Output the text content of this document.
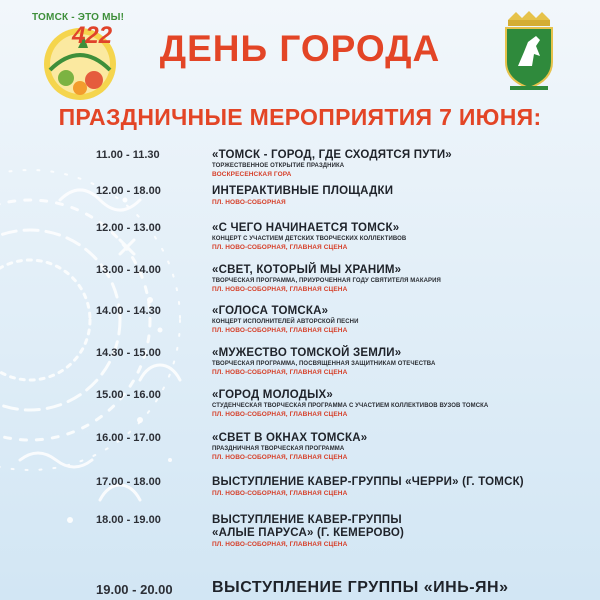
ТОМСК - ЭТО МЫ!
422	ДЕНЬ ГОРОДА
ПРАЗДНИЧНЫЕ МЕРОПРИЯТИЯ 7 ИЮНЯ:
11.00 - 11.30	«ТОМСК - ГОРОД, ГДЕ СХОДЯТСЯ ПУТИ»
ТОРЖЕСТВЕННОЕ ОТКРЫТИЕ ПРАЗДНИКА
ВОСКРЕСЕНСКАЯ ГОРА
12.00 - 18.00	ИНТЕРАКТИВНЫЕ ПЛОЩАДКИ
ПЛ. НОВО-СОБОРНАЯ
12.00 - 13.00	«С ЧЕГО НАЧИНАЕТСЯ ТОМСК»
КОНЦЕРТ С УЧАСТИЕМ ДЕТСКИХ ТВОРЧЕСКИХ КОЛЛЕКТИВОВ
ПЛ. НОВО-СОБОРНАЯ, ГЛАВНАЯ СЦЕНА
13.00 - 14.00	«СВЕТ, КОТОРЫЙ МЫ ХРАНИМ»
ТВОРЧЕСКАЯ ПРОГРАММА, ПРИУРОЧЕННАЯ ГОДУ СВЯТИТЕЛЯ МАКАРИЯ
ПЛ. НОВО-СОБОРНАЯ, ГЛАВНАЯ СЦЕНА
14.00 - 14.30	«ГОЛОСА ТОМСКА»
КОНЦЕРТ ИСПОЛНИТЕЛЕЙ АВТОРСКОЙ ПЕСНИ
ПЛ. НОВО-СОБОРНАЯ, ГЛАВНАЯ СЦЕНА
14.30 - 15.00	«МУЖЕСТВО ТОМСКОЙ ЗЕМЛИ»
ТВОРЧЕСКАЯ ПРОГРАММА, ПОСВЯЩЕННАЯ ЗАЩИТНИКАМ ОТЕЧЕСТВА
ПЛ. НОВО-СОБОРНАЯ, ГЛАВНАЯ СЦЕНА
15.00 - 16.00	«ГОРОД МОЛОДЫХ»
СТУДЕНЧЕСКАЯ ТВОРЧЕСКАЯ ПРОГРАММА С УЧАСТИЕМ КОЛЛЕКТИВОВ ВУЗОВ ТОМСКА
ПЛ. НОВО-СОБОРНАЯ, ГЛАВНАЯ СЦЕНА
16.00 - 17.00	«СВЕТ В ОКНАХ ТОМСКА»
ПРАЗДНИЧНАЯ ТВОРЧЕСКАЯ ПРОГРАММА
ПЛ. НОВО-СОБОРНАЯ, ГЛАВНАЯ СЦЕНА
17.00 - 18.00	ВЫСТУПЛЕНИЕ КАВЕР-ГРУППЫ «ЧЕРРИ» (Г. ТОМСК)
ПЛ. НОВО-СОБОРНАЯ, ГЛАВНАЯ СЦЕНА
18.00 - 19.00	ВЫСТУПЛЕНИЕ КАВЕР-ГРУППЫ
«АЛЫЕ ПАРУСА» (Г. КЕМЕРОВО)
ПЛ. НОВО-СОБОРНАЯ, ГЛАВНАЯ СЦЕНА
19.00 - 20.00 ВЫСТУПЛЕНИЕ ГРУППЫ «ИНЬ-ЯН»
